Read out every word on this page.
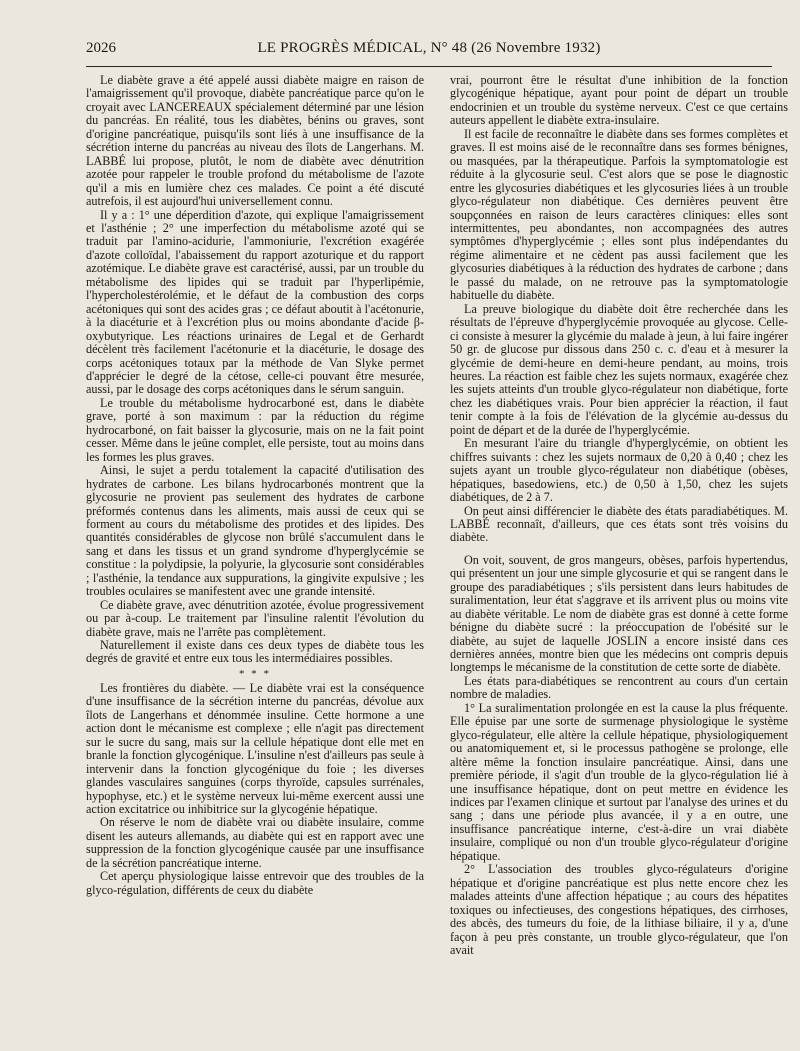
2026	LE PROGRÈS MÉDICAL, N° 48 (26 Novembre 1932)

Le diabète grave a été appelé aussi diabète maigre en raison de l'amaigrissement qu'il provoque, diabète pancréatique parce qu'on le croyait avec LANCEREAUX spécialement déterminé par une lésion du pancréas. En réalité, tous les diabètes, bénins ou graves, sont d'origine pancréatique, puisqu'ils sont liés à une insuffisance de la sécrétion interne du pancréas au niveau des îlots de Langerhans. M. LABBÉ lui propose, plutôt, le nom de diabète avec dénutrition azotée pour rappeler le trouble profond du métabolisme de l'azote qu'il a mis en lumière chez ces malades. Ce point a été discuté autrefois, il est aujourd'hui universellement connu.

Il y a : 1° une déperdition d'azote, qui explique l'amaigrissement et l'asthénie ; 2° une imperfection du métabolisme azoté qui se traduit par l'amino-acidurie, l'ammoniurie, l'excrétion exagérée d'azote colloïdal, l'abaissement du rapport azoturique et du rapport azotémique. Le diabète grave est caractérisé, aussi, par un trouble du métabolisme des lipides qui se traduit par l'hyperlipémie, l'hypercholestérolémie, et le défaut de la combustion des corps acétoniques qui sont des acides gras ; ce défaut aboutit à l'acétonurie, à la diacéturie et à l'excrétion plus ou moins abondante d'acide β-oxybutyrique. Les réactions urinaires de Legal et de Gerhardt décèlent très facilement l'acétonurie et la diacéturie, le dosage des corps acétoniques totaux par la méthode de Van Slyke permet d'apprécier le degré de la cétose, celle-ci pouvant être mesurée, aussi, par le dosage des corps acétoniques dans le sérum sanguin.

Le trouble du métabolisme hydrocarboné est, dans le diabète grave, porté à son maximum : par la réduction du régime hydrocarboné, on fait baisser la glycosurie, mais on ne la fait point cesser. Même dans le jeûne complet, elle persiste, tout au moins dans les formes les plus graves.

Ainsi, le sujet a perdu totalement la capacité d'utilisation des hydrates de carbone. Les bilans hydrocarbonés montrent que la glycosurie ne provient pas seulement des hydrates de carbone préformés contenus dans les aliments, mais aussi de ceux qui se forment au cours du métabolisme des protides et des lipides. Des quantités considérables de glycose non brûlé s'accumulent dans le sang et dans les tissus et un grand syndrome d'hyperglycémie se constitue : la polydipsie, la polyurie, la glycosurie sont considérables ; l'asthénie, la tendance aux suppurations, la gingivite expulsive ; les troubles oculaires se manifestent avec une grande intensité.

Ce diabète grave, avec dénutrition azotée, évolue progressivement ou par à-coup. Le traitement par l'insuline ralentit l'évolution du diabète grave, mais ne l'arrête pas complètement.

Naturellement il existe dans ces deux types de diabète tous les degrés de gravité et entre eux tous les intermédiaires possibles.

* * *

Les frontières du diabète. — Le diabète vrai est la conséquence d'une insuffisance de la sécrétion interne du pancréas, dévolue aux îlots de Langerhans et dénommée insuline. Cette hormone a une action dont le mécanisme est complexe ; elle n'agit pas directement sur le sucre du sang, mais sur la cellule hépatique dont elle met en branle la fonction glycogénique. L'insuline n'est d'ailleurs pas seule à intervenir dans la fonction glycogénique du foie ; les diverses glandes vasculaires sanguines (corps thyroïde, capsules surrénales, hypophyse, etc.) et le système nerveux lui-même exercent aussi une action excitatrice ou inhibitrice sur la glycogénie hépatique.

On réserve le nom de diabète vrai ou diabète insulaire, comme disent les auteurs allemands, au diabète qui est en rapport avec une suppression de la fonction glycogénique causée par une insuffisance de la sécrétion pancréatique interne.

Cet aperçu physiologique laisse entrevoir que des troubles de la glyco-régulation, différents de ceux du diabète

vrai, pourront être le résultat d'une inhibition de la fonction glycogénique hépatique, ayant pour point de départ un trouble endocrinien et un trouble du système nerveux. C'est ce que certains auteurs appellent le diabète extra-insulaire.

Il est facile de reconnaître le diabète dans ses formes complètes et graves. Il est moins aisé de le reconnaître dans ses formes bénignes, ou masquées, par la thérapeutique. Parfois la symptomatologie est réduite à la glycosurie seul. C'est alors que se pose le diagnostic entre les glycosuries diabétiques et les glycosuries liées à un trouble glyco-régulateur non diabétique. Ces dernières peuvent être soupçonnées en raison de leurs caractères cliniques: elles sont intermittentes, peu abondantes, non accompagnées des autres symptômes d'hyperglycémie ; elles sont plus indépendantes du régime alimentaire et ne cèdent pas aussi facilement que les glycosuries diabétiques à la réduction des hydrates de carbone ; dans le passé du malade, on ne retrouve pas la symptomatologie habituelle du diabète.

La preuve biologique du diabète doit être recherchée dans les résultats de l'épreuve d'hyperglycémie provoquée au glycose. Celle-ci consiste à mesurer la glycémie du malade à jeun, à lui faire ingérer 50 gr. de glucose pur dissous dans 250 c. c. d'eau et à mesurer la glycémie de demi-heure en demi-heure pendant, au moins, trois heures. La réaction est faible chez les sujets normaux, exagérée chez les sujets atteints d'un trouble glyco-régulateur non diabétique, forte chez les diabétiques vrais. Pour bien apprécier la réaction, il faut tenir compte à la fois de l'élévation de la glycémie au-dessus du point de départ et de la durée de l'hyperglycémie.

En mesurant l'aire du triangle d'hyperglycémie, on obtient les chiffres suivants : chez les sujets normaux de 0,20 à 0,40 ; chez les sujets ayant un trouble glyco-régulateur non diabétique (obèses, hépatiques, basedowiens, etc.) de 0,50 à 1,50, chez les sujets diabétiques, de 2 à 7.

On peut ainsi différencier le diabète des états paradiabétiques. M. LABBÉ reconnaît, d'ailleurs, que ces états sont très voisins du diabète.

On voit, souvent, de gros mangeurs, obèses, parfois hypertendus, qui présentent un jour une simple glycosurie et qui se rangent dans le groupe des paradiabétiques ; s'ils persistent dans leurs habitudes de suralimentation, leur état s'aggrave et ils arrivent plus ou moins vite au diabète véritable. Le nom de diabète gras est donné à cette forme bénigne du diabète sucré : la préoccupation de l'obésité sur le diabète, au sujet de laquelle JOSLIN a encore insisté dans ces dernières années, montre bien que les médecins ont compris depuis longtemps le mécanisme de la constitution de cette sorte de diabète.

Les états para-diabétiques se rencontrent au cours d'un certain nombre de maladies.

1° La suralimentation prolongée en est la cause la plus fréquente. Elle épuise par une sorte de surmenage physiologique le système glyco-régulateur, elle altère la cellule hépatique, physiologiquement ou anatomiquement et, si le processus pathogène se prolonge, elle altère même la fonction insulaire pancréatique. Ainsi, dans une première période, il s'agit d'un trouble de la glyco-régulation lié à une insuffisance hépatique, dont on peut mettre en évidence les indices par l'examen clinique et surtout par l'analyse des urines et du sang ; dans une période plus avancée, il y a en outre, une insuffisance pancréatique interne, c'est-à-dire un vrai diabète insulaire, compliqué ou non d'un trouble glyco-régulateur d'origine hépatique.

2° L'association des troubles glyco-régulateurs d'origine hépatique et d'origine pancréatique est plus nette encore chez les malades atteints d'une affection hépatique ; au cours des hépatites toxiques ou infectieuses, des congestions hépatiques, des cirrhoses, des abcès, des tumeurs du foie, de la lithiase biliaire, il y a, d'une façon à peu près constante, un trouble glyco-régulateur, que l'on avait
